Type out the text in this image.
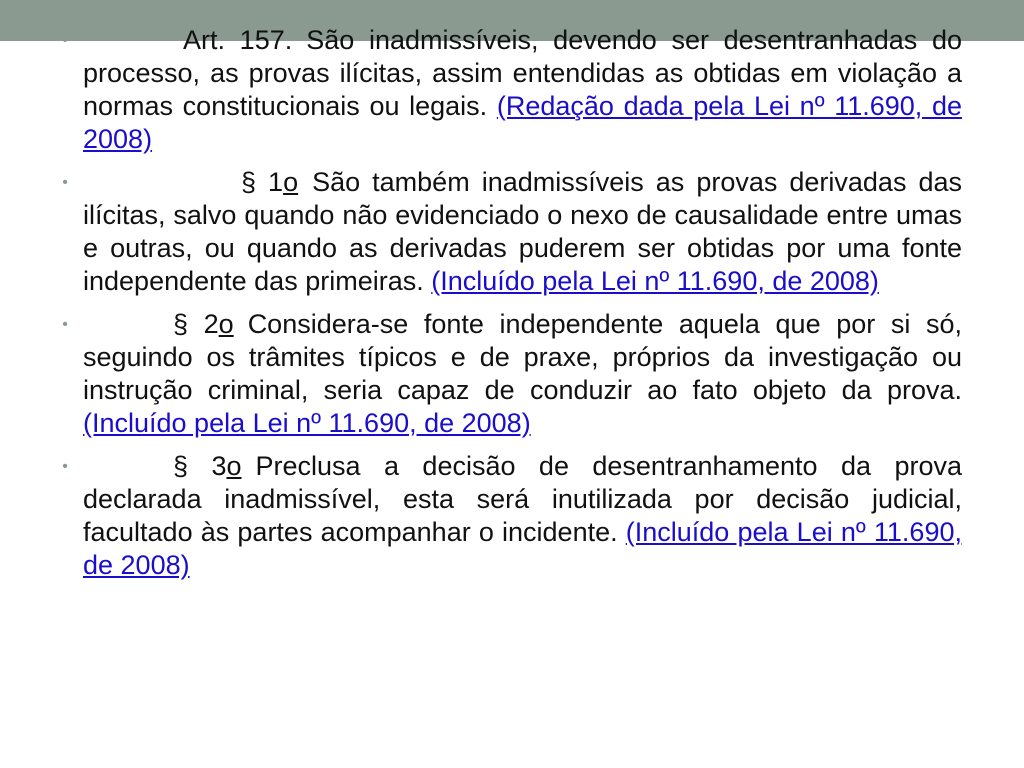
•	Art. 157. São inadmissíveis, devendo ser desentranhadas do processo, as provas ilícitas, assim entendidas as obtidas em violação a normas constitucionais ou legais. (Redação dada pela Lei nº 11.690, de 2008)
•	§ 1o São também inadmissíveis as provas derivadas das ilícitas, salvo quando não evidenciado o nexo de causalidade entre umas e outras, ou quando as derivadas puderem ser obtidas por uma fonte independente das primeiras. (Incluído pela Lei nº 11.690, de 2008)
•	§ 2o Considera-se fonte independente aquela que por si só, seguindo os trâmites típicos e de praxe, próprios da investigação ou instrução criminal, seria capaz de conduzir ao fato objeto da prova. (Incluído pela Lei nº 11.690, de 2008)
•	§ 3o Preclusa a decisão de desentranhamento da prova declarada inadmissível, esta será inutilizada por decisão judicial, facultado às partes acompanhar o incidente. (Incluído pela Lei nº 11.690, de 2008)
